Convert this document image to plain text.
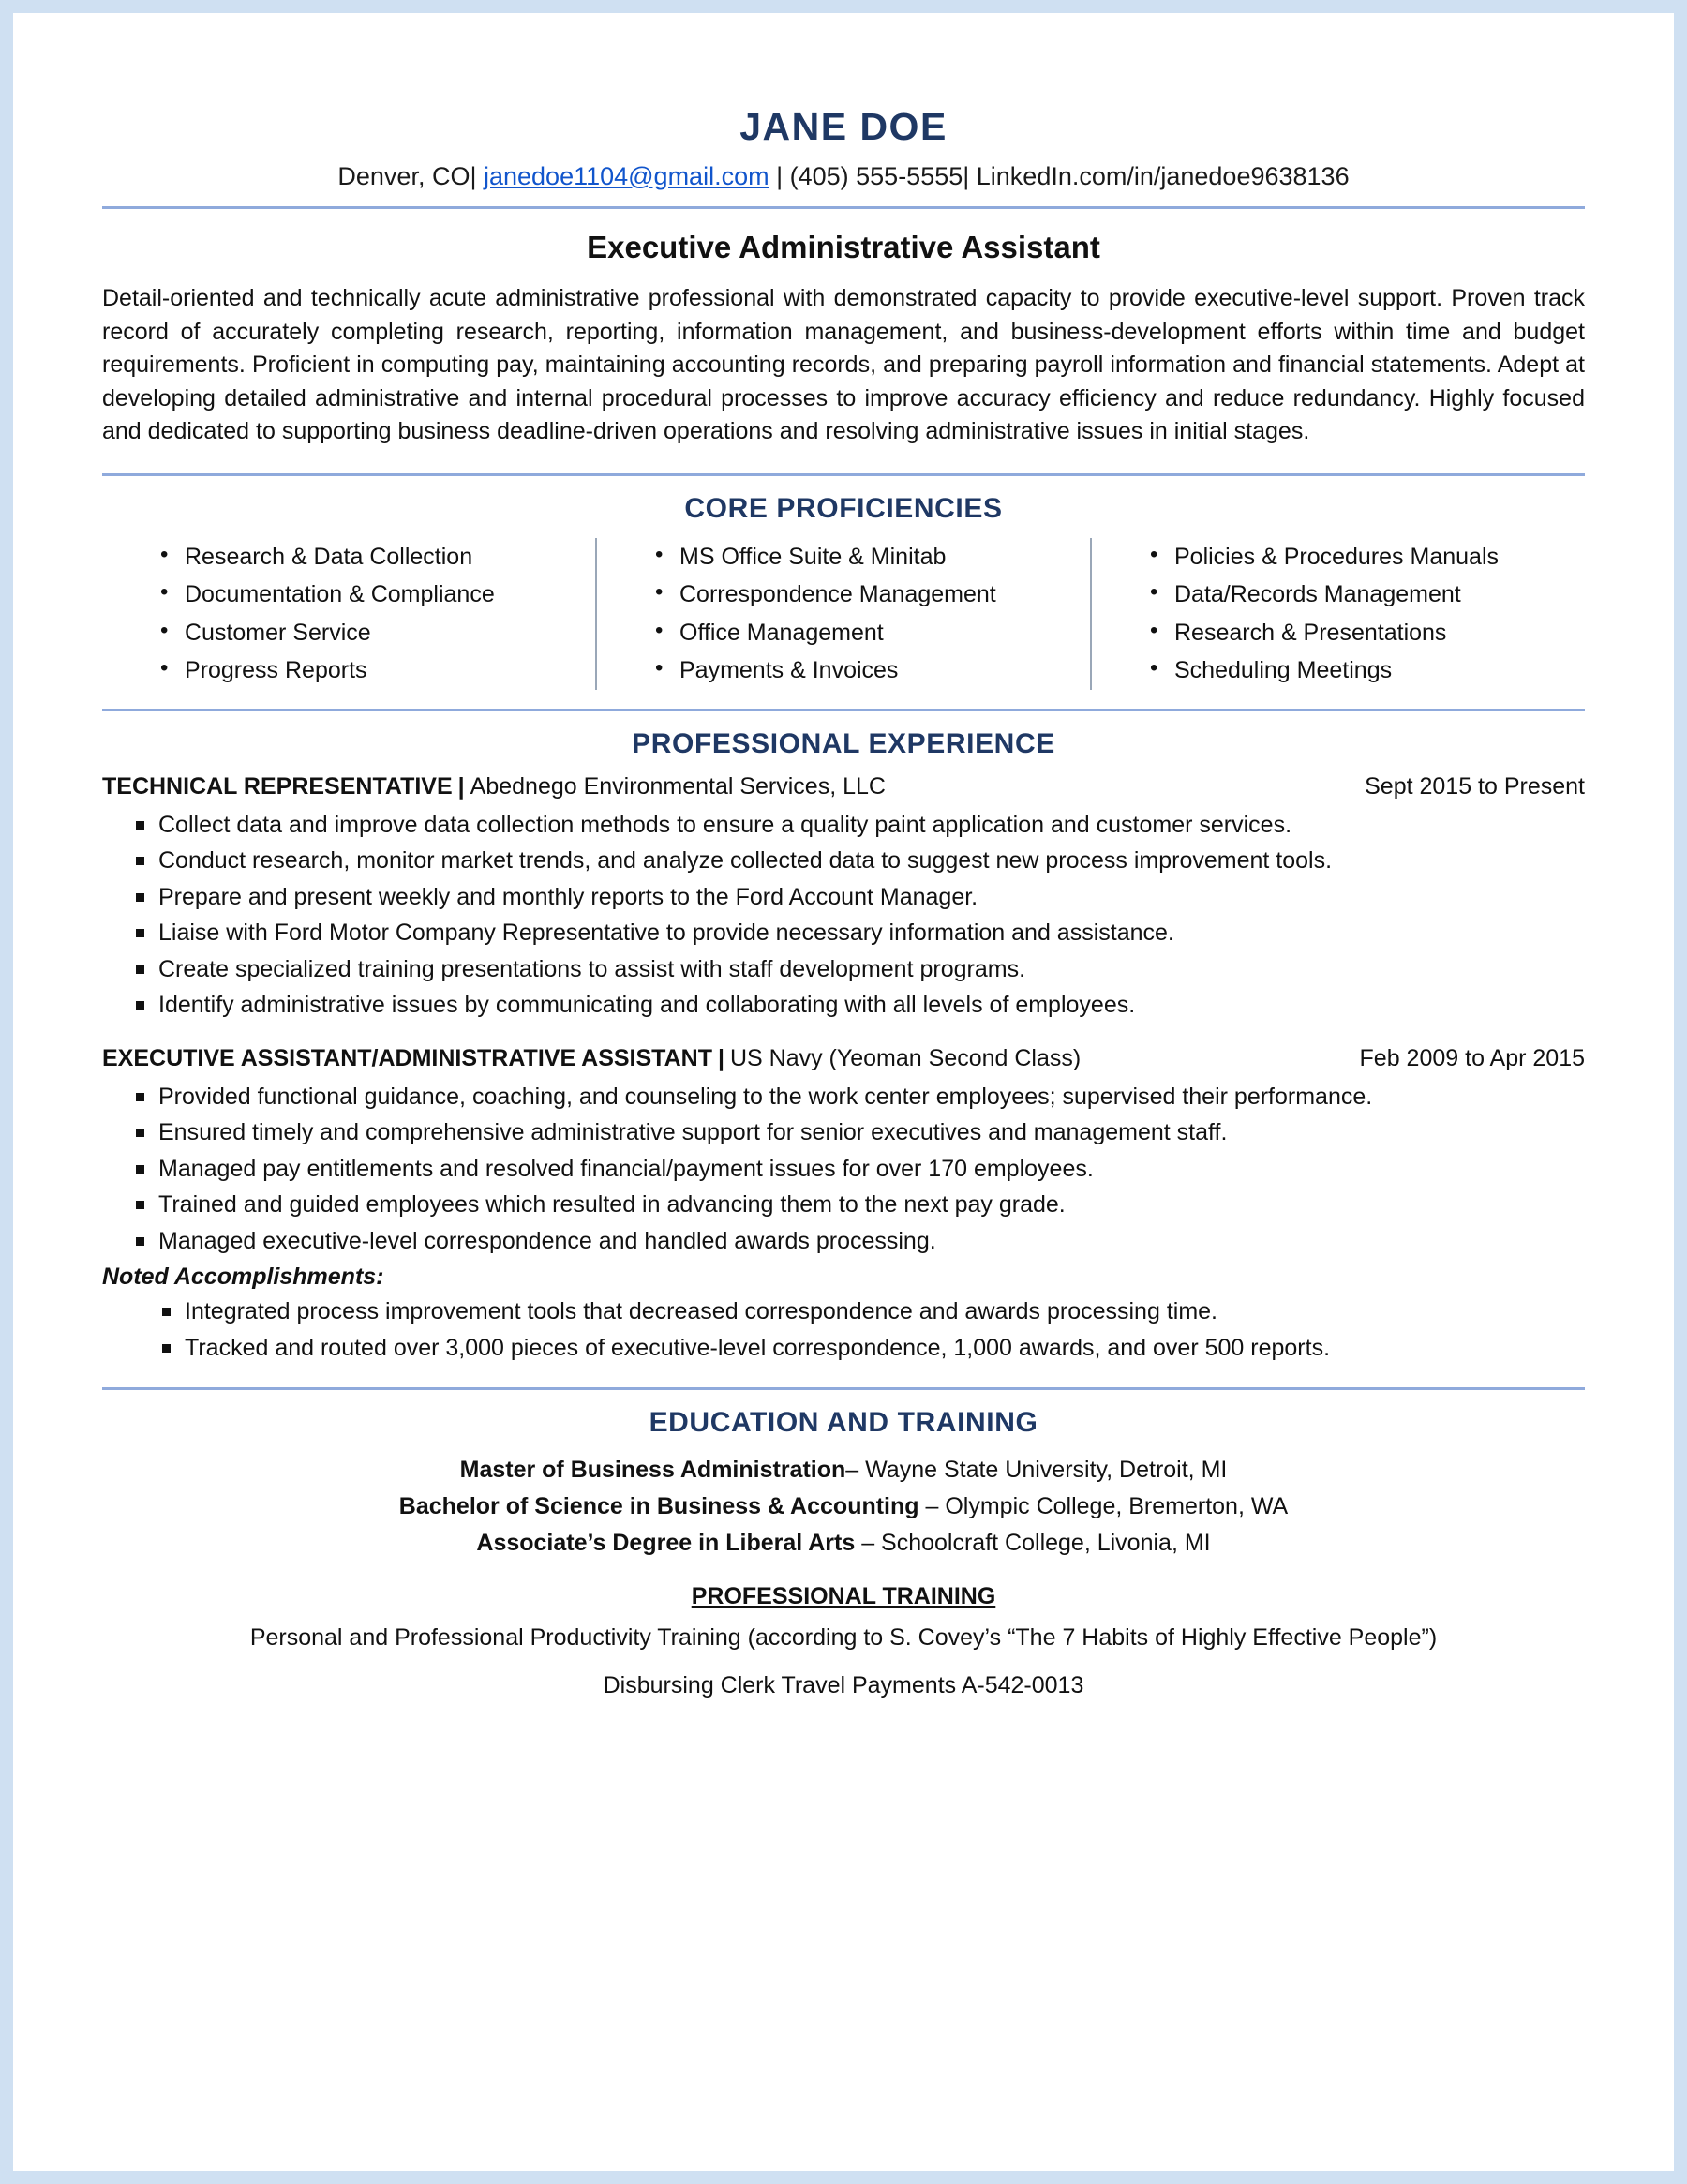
JANE DOE
Denver, CO| janedoe1104@gmail.com | (405) 555-5555| LinkedIn.com/in/janedoe9638136
Executive Administrative Assistant
Detail-oriented and technically acute administrative professional with demonstrated capacity to provide executive-level support. Proven track record of accurately completing research, reporting, information management, and business-development efforts within time and budget requirements. Proficient in computing pay, maintaining accounting records, and preparing payroll information and financial statements. Adept at developing detailed administrative and internal procedural processes to improve accuracy efficiency and reduce redundancy. Highly focused and dedicated to supporting business deadline-driven operations and resolving administrative issues in initial stages.
CORE PROFICIENCIES
• Research & Data Collection
• Documentation & Compliance
• Customer Service
• Progress Reports
• MS Office Suite & Minitab
• Correspondence Management
• Office Management
• Payments & Invoices
• Policies & Procedures Manuals
• Data/Records Management
• Research & Presentations
• Scheduling Meetings
PROFESSIONAL EXPERIENCE
TECHNICAL REPRESENTATIVE | Abednego Environmental Services, LLC	Sept 2015 to Present
Collect data and improve data collection methods to ensure a quality paint application and customer services.
Conduct research, monitor market trends, and analyze collected data to suggest new process improvement tools.
Prepare and present weekly and monthly reports to the Ford Account Manager.
Liaise with Ford Motor Company Representative to provide necessary information and assistance.
Create specialized training presentations to assist with staff development programs.
Identify administrative issues by communicating and collaborating with all levels of employees.
EXECUTIVE ASSISTANT/ADMINISTRATIVE ASSISTANT | US Navy (Yeoman Second Class)	Feb 2009 to Apr 2015
Provided functional guidance, coaching, and counseling to the work center employees; supervised their performance.
Ensured timely and comprehensive administrative support for senior executives and management staff.
Managed pay entitlements and resolved financial/payment issues for over 170 employees.
Trained and guided employees which resulted in advancing them to the next pay grade.
Managed executive-level correspondence and handled awards processing.
Noted Accomplishments:
Integrated process improvement tools that decreased correspondence and awards processing time.
Tracked and routed over 3,000 pieces of executive-level correspondence, 1,000 awards, and over 500 reports.
EDUCATION AND TRAINING
Master of Business Administration– Wayne State University, Detroit, MI
Bachelor of Science in Business & Accounting – Olympic College, Bremerton, WA
Associate’s Degree in Liberal Arts – Schoolcraft College, Livonia, MI
PROFESSIONAL TRAINING
Personal and Professional Productivity Training (according to S. Covey’s “The 7 Habits of Highly Effective People”)
Disbursing Clerk Travel Payments A-542-0013
